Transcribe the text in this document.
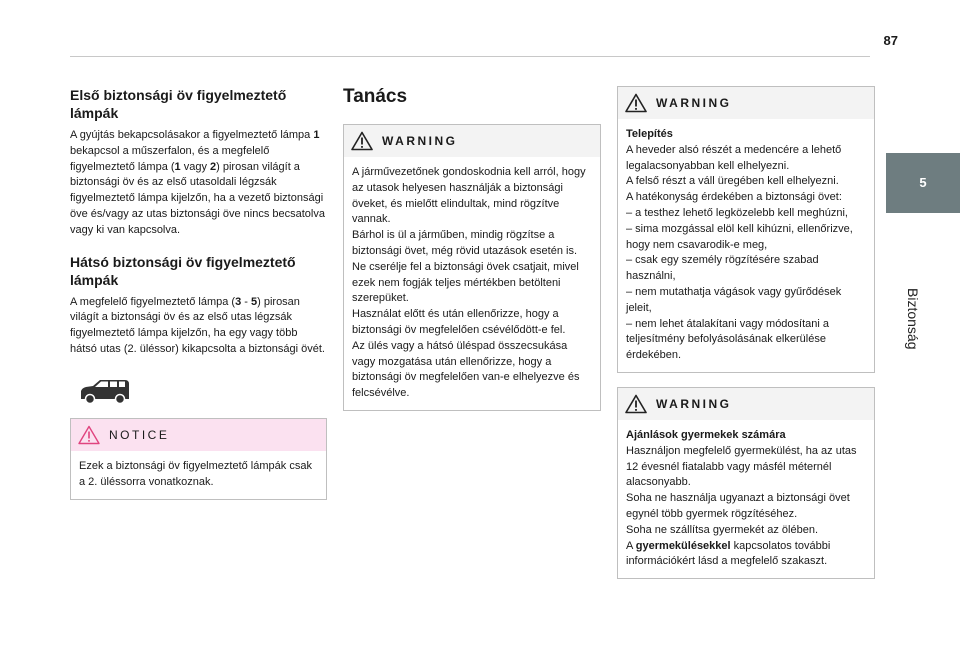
87
5
Biztonság
Első biztonsági öv figyelmeztető lámpák

A gyújtás bekapcsolásakor a figyelmeztető lámpa 1 bekapcsol a műszerfalon, és a megfelelő figyelmeztető lámpa (1 vagy 2) pirosan világít a biztonsági öv és az első utasoldali légzsák figyelmeztető lámpa kijelzőn, ha a vezető biztonsági öve és/vagy az utas biztonsági öve nincs becsatolva vagy ki van kapcsolva.

Hátsó biztonsági öv figyelmeztető lámpák

A megfelelő figyelmeztető lámpa (3 - 5) pirosan világít a biztonsági öv és az első utas légzsák figyelmeztető lámpa kijelzőn, ha egy vagy több hátsó utas (2. üléssor) kikapcsolta a biztonsági övét.

NOTICE
Ezek a biztonsági öv figyelmeztető lámpák csak a 2. üléssorra vonatkoznak.
Tanács
WARNING
A járművezetőnek gondoskodnia kell arról, hogy az utasok helyesen használják a biztonsági öveket, és mielőtt elindultak, mind rögzítve vannak.
Bárhol is ül a járműben, mindig rögzítse a biztonsági övet, még rövid utazások esetén is.
Ne cserélje fel a biztonsági övek csatjait, mivel ezek nem fogják teljes mértékben betölteni szerepüket.
Használat előtt és után ellenőrizze, hogy a biztonsági öv megfelelően csévélődött-e fel.
Az ülés vagy a hátsó üléspad összecsukása vagy mozgatása után ellenőrizze, hogy a biztonsági öv megfelelően van-e elhelyezve és felcsévélve.
WARNING
Telepítés
A heveder alsó részét a medencére a lehető legalacsonyabban kell elhelyezni.
A felső részt a váll üregében kell elhelyezni.
A hatékonyság érdekében a biztonsági övet:
– a testhez lehető legközelebb kell meghúzni,
– sima mozgással elöl kell kihúzni, ellenőrizve, hogy nem csavarodik-e meg,
– csak egy személy rögzítésére szabad használni,
– nem mutathatja vágások vagy gyűrődések jeleit,
– nem lehet átalakítani vagy módosítani a teljesítmény befolyásolásának elkerülése érdekében.
WARNING
Ajánlások gyermekek számára
Használjon megfelelő gyermekülést, ha az utas 12 évesnél fiatalabb vagy másfél méternél alacsonyabb.
Soha ne használja ugyanazt a biztonsági övet egynél több gyermek rögzítéséhez.
Soha ne szállítsa gyermekét az ölében.
A gyermekülésekkel kapcsolatos további információkért lásd a megfelelő szakaszt.
